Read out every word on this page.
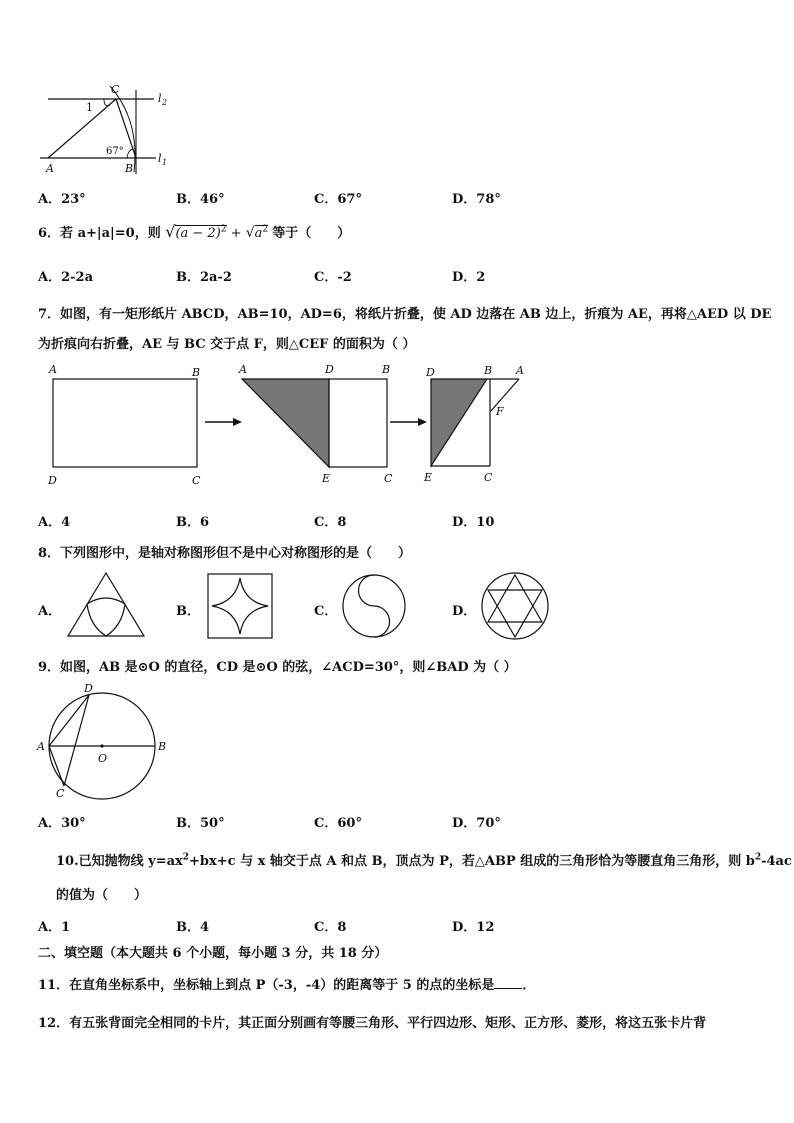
C
A	B
l 2
l 1
1
67°
A．23°	B．46°	C．67°	D．78°
6．若 a+|a|=0，则 $√(a - 2)^2 + √a^2$ 等于（　　）
A．2-2a	B．2a-2	C．-2	D．2
7．如图，有一矩形纸片 ABCD，AB=10，AD=6，将纸片折叠，使 AD 边落在 AB 边上，折痕为 AE，再将△AED 以 DE
为折痕向右折叠，AE 与 BC 交于点 F，则△CEF 的面积为（ ）
A	B
D	C
A	D	B
E	C
D	B A
F
E	C
A．4	B．6	C．8	D．10
8．下列图形中，是轴对称图形但不是中心对称图形的是（　　）
A．	B．	C．	D．
9．如图，AB 是⊙O 的直径，CD 是⊙O 的弦，∠ACD=30°，则∠BAD 为（ ）
D
A	B
O
C
A．30°	B．50°	C．60°	D．70°
10.已知抛物线 $y=ax^2+bx+c$ 与 x 轴交于点 A 和点 B，顶点为 P，若△ABP 组成的三角形恰为等腰直角三角形，则 $b^2-4ac$
的值为（　　）
A．1	B．4	C．8	D．12
二、填空题（本大题共 6 个小题，每小题 3 分，共 18 分）
11．在直角坐标系中，坐标轴上到点 P（-3，-4）的距离等于 5 的点的坐标是 ．
12．有五张背面完全相同的卡片，其正面分别画有等腰三角形、平行四边形、矩形、正方形、菱形，将这五张卡片背
